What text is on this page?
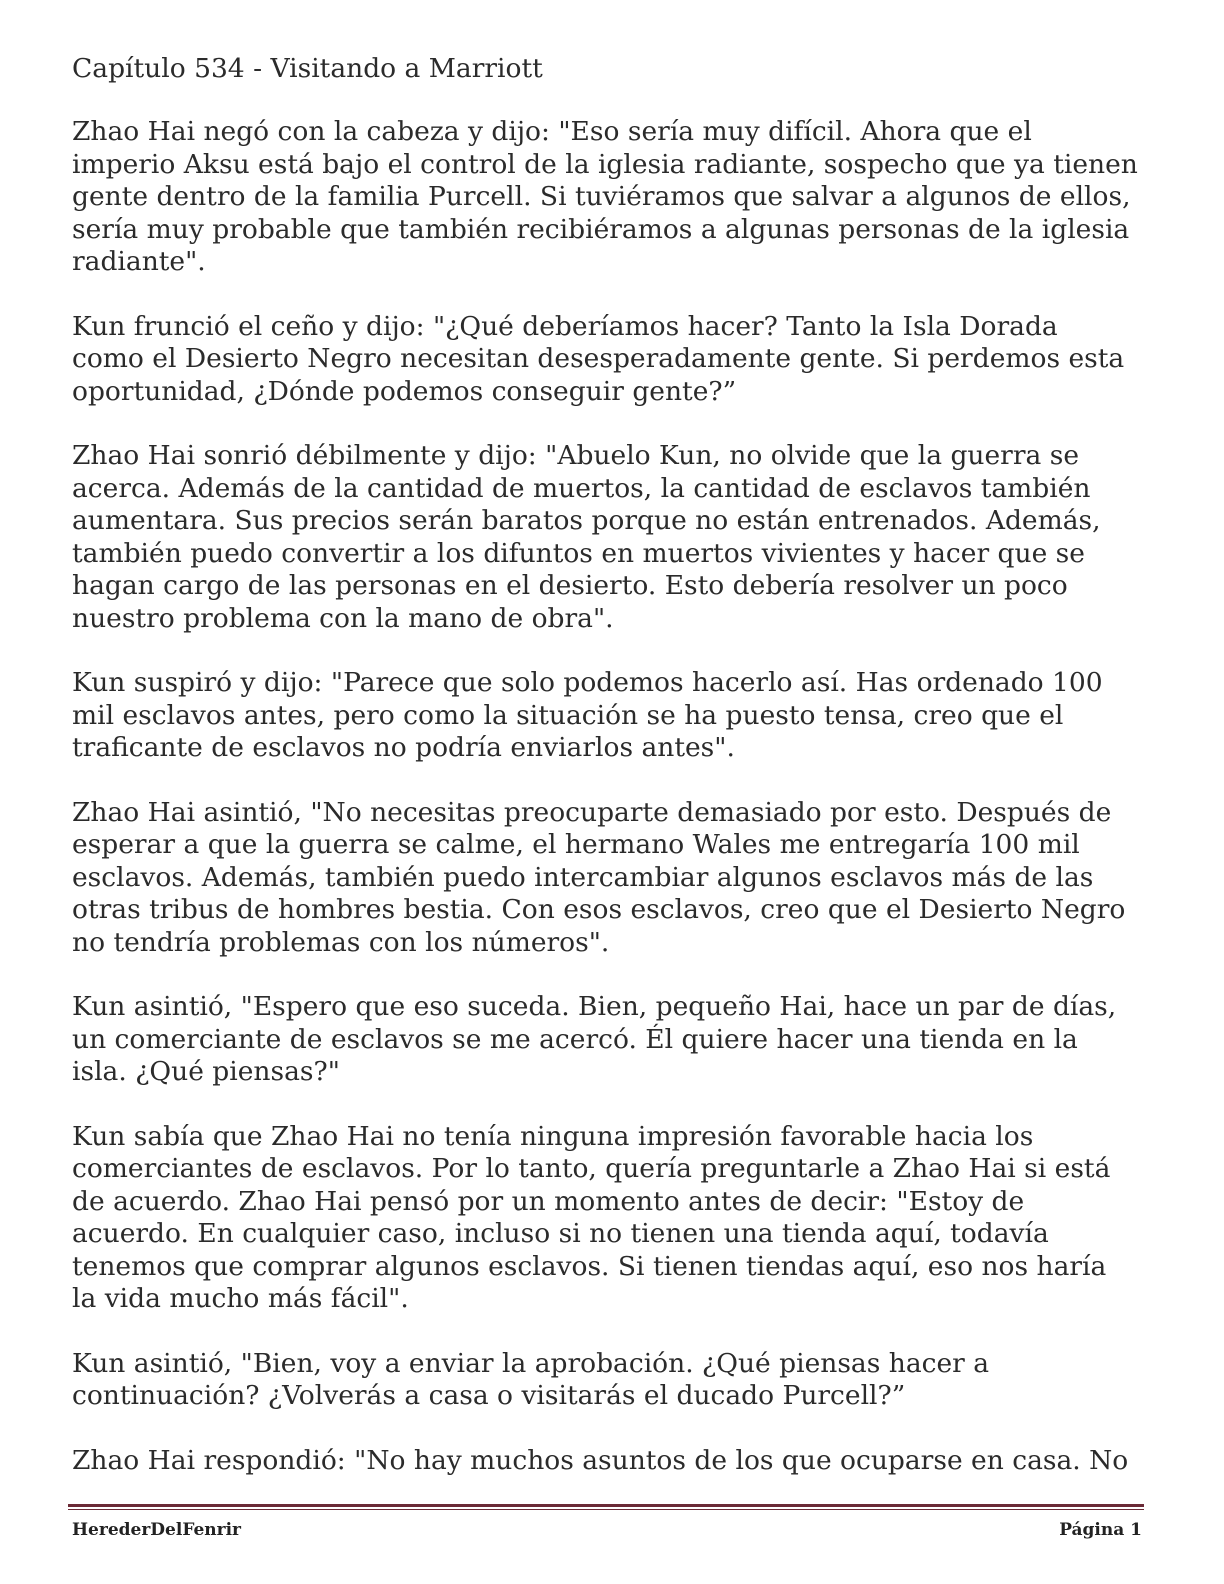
Capítulo 534 - Visitando a Marriott

Zhao Hai negó con la cabeza y dijo: "Eso sería muy difícil. Ahora que el
imperio Aksu está bajo el control de la iglesia radiante, sospecho que ya tienen
gente dentro de la familia Purcell. Si tuviéramos que salvar a algunos de ellos,
sería muy probable que también recibiéramos a algunas personas de la iglesia
radiante".

Kun frunció el ceño y dijo: "¿Qué deberíamos hacer? Tanto la Isla Dorada
como el Desierto Negro necesitan desesperadamente gente. Si perdemos esta
oportunidad, ¿Dónde podemos conseguir gente?”

Zhao Hai sonrió débilmente y dijo: "Abuelo Kun, no olvide que la guerra se
acerca. Además de la cantidad de muertos, la cantidad de esclavos también
aumentara. Sus precios serán baratos porque no están entrenados. Además,
también puedo convertir a los difuntos en muertos vivientes y hacer que se
hagan cargo de las personas en el desierto. Esto debería resolver un poco
nuestro problema con la mano de obra".

Kun suspiró y dijo: "Parece que solo podemos hacerlo así. Has ordenado 100
mil esclavos antes, pero como la situación se ha puesto tensa, creo que el
traficante de esclavos no podría enviarlos antes".

Zhao Hai asintió, "No necesitas preocuparte demasiado por esto. Después de
esperar a que la guerra se calme, el hermano Wales me entregaría 100 mil
esclavos. Además, también puedo intercambiar algunos esclavos más de las
otras tribus de hombres bestia. Con esos esclavos, creo que el Desierto Negro
no tendría problemas con los números".

Kun asintió, "Espero que eso suceda. Bien, pequeño Hai, hace un par de días,
un comerciante de esclavos se me acercó. Él quiere hacer una tienda en la
isla. ¿Qué piensas?"

Kun sabía que Zhao Hai no tenía ninguna impresión favorable hacia los
comerciantes de esclavos. Por lo tanto, quería preguntarle a Zhao Hai si está
de acuerdo. Zhao Hai pensó por un momento antes de decir: "Estoy de
acuerdo. En cualquier caso, incluso si no tienen una tienda aquí, todavía
tenemos que comprar algunos esclavos. Si tienen tiendas aquí, eso nos haría
la vida mucho más fácil".

Kun asintió, "Bien, voy a enviar la aprobación. ¿Qué piensas hacer a
continuación? ¿Volverás a casa o visitarás el ducado Purcell?”

Zhao Hai respondió: "No hay muchos asuntos de los que ocuparse en casa. No

HerederDelFenrir	Página 1
